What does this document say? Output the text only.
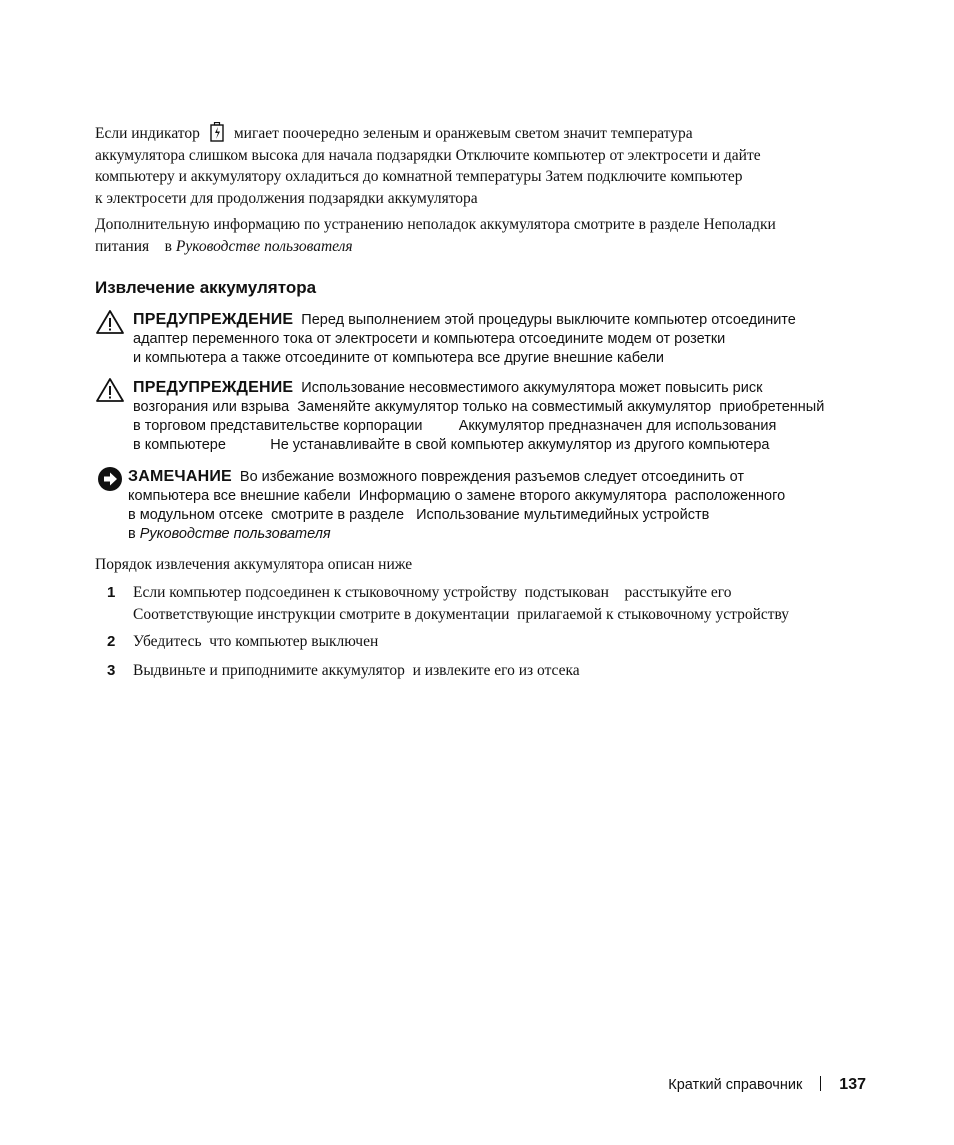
Если индикатор мигает поочередно зеленым и оранжевым светом значит температура
аккумулятора слишком высока для начала подзарядки Отключите компьютер от электросети и дайте
компьютеру и аккумулятору охладиться до комнатной температуры Затем подключите компьютер
к электросети для продолжения подзарядки аккумулятора
Дополнительную информацию по устранению неполадок аккумулятора смотрите в разделе Неполадки
питания    в Руководстве пользователя
Извлечение аккумулятора
ПРЕДУПРЕЖДЕНИЕ Перед выполнением этой процедуры выключите компьютер отсоедините
адаптер переменного тока от электросети и компьютера отсоедините модем от розетки
и компьютера а также отсоедините от компьютера все другие внешние кабели
ПРЕДУПРЕЖДЕНИЕ Использование несовместимого аккумулятора может повысить риск
возгорания или взрыва  Заменяйте аккумулятор только на совместимый аккумулятор  приобретенный
в торговом представительстве корпорации         Аккумулятор предназначен для использования
в компьютере           Не устанавливайте в свой компьютер аккумулятор из другого компьютера
ЗАМЕЧАНИЕ Во избежание возможного повреждения разъемов следует отсоединить от
компьютера все внешние кабели  Информацию о замене второго аккумулятора  расположенного
в модульном отсеке  смотрите в разделе   Использование мультимедийных устройств
в Руководстве пользователя
Порядок извлечения аккумулятора описан ниже
1 Если компьютер подсоединен к стыковочному устройству  подстыкован    расстыкуйте его
Соответствующие инструкции смотрите в документации  прилагаемой к стыковочному устройству
2 Убедитесь  что компьютер выключен
3 Выдвиньте и приподнимите аккумулятор  и извлеките его из отсека
Краткий справочник 137
